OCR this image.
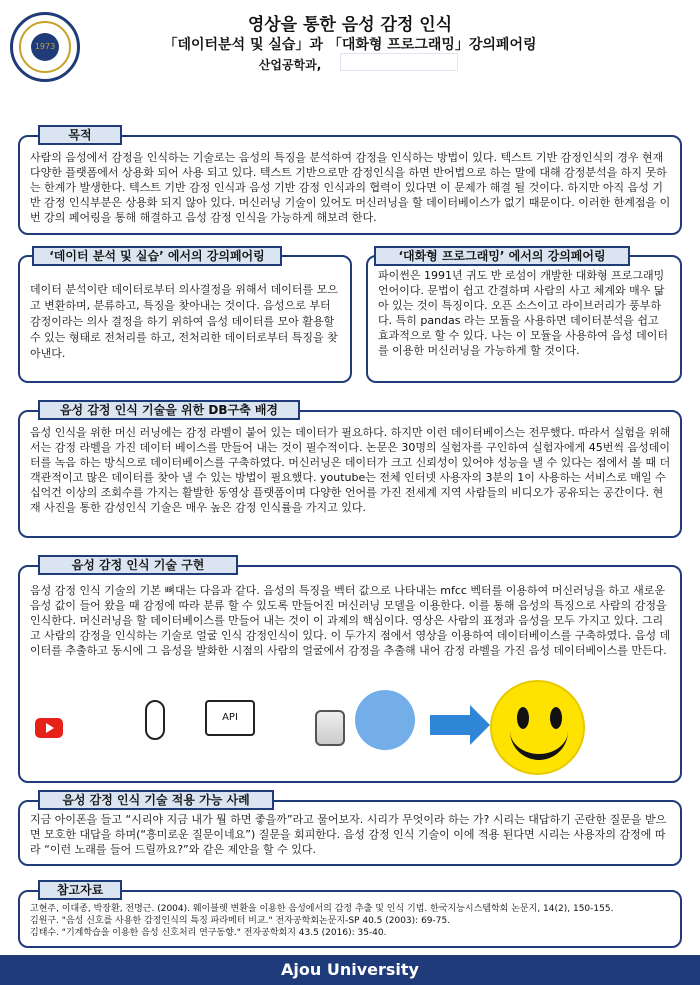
1973
영상을 통한 음성 감정 인식
「데이터분석 및 실습」과 「대화형 프로그래밍」강의페어링
산업공학과,
목적
사람의 음성에서 감정을 인식하는 기술로는 음성의 특징을 분석하여 감정을 인식하는 방법이 있다. 텍스트 기반 감정인식의 경우 현재 다양한 플랫폼에서 상용화 되어 사용 되고 있다. 텍스트 기반으로만 감정인식을 하면 반어법으로 하는 말에 대해 감정분석을 하지 못하는 한계가 발생한다. 텍스트 기반 감정 인식과 음성 기반 감정 인식과의 협력이 있다면 이 문제가 해결 될 것이다. 하지만 아직 음성 기반 감정 인식부분은 상용화 되지 않아 있다. 머신러닝 기술이 있어도 머신러닝을 할 데이터베이스가 없기 때문이다. 이러한 한계점을 이번 강의 페어링을 통해 해결하고 음성 감정 인식을 가능하게 해보려 한다.
‘데이터 분석 및 실습’ 에서의 강의페어링
데이터 분석이란 데이터로부터 의사결정을 위해서 데이터를 모으고 변환하며, 분류하고, 특징을 찾아내는 것이다. 음성으로 부터 감정이라는 의사 결정을 하기 위하여 음성 데이터를 모아 활용할 수 있는 형태로 전처리를 하고, 전처리한 데이터로부터 특징을 찾아낸다.
‘대화형 프로그래밍’ 에서의 강의페어링
파이썬은 1991년 귀도 반 로섬이 개발한 대화형 프로그래밍 언어이다. 문법이 쉽고 간결하며 사람의 사고 체계와 매우 닮아 있는 것이 특징이다. 오픈 소스이고 라이브러리가 풍부하다. 특히 pandas 라는 모듈을 사용하면 데이터분석을 쉽고 효과적으로 할 수 있다. 나는 이 모듈을 사용하여 음성 데이터를 이용한 머신러닝을 가능하게 할 것이다.
음성 감정 인식 기술을 위한 DB구축 배경
음성 인식을 위한 머신 러닝에는 감정 라벨이 붙어 있는 데이터가 필요하다. 하지만 이런 데이터베이스는 전무했다. 따라서 실험을 위해서는 감정 라벨을 가진 데이터 베이스를 만들어 내는 것이 필수적이다. 논문은 30명의 실험자를 구인하여 실험자에게 45번씩 음성데이터를 녹음 하는 방식으로 데이터베이스를 구축하였다. 머신러닝은 데이터가 크고 신뢰성이 있어야 성능을 낼 수 있다는 점에서 볼 때 더 객관적이고 많은 데이터를 찾아 낼 수 있는 방법이 필요했다. youtube는 전체 인터넷 사용자의 3분의 1이 사용하는 서비스로 매일 수 십억건 이상의 조회수를 가지는 활발한 동영상 플랫폼이며 다양한 언어를 가진 전세계 지역 사람들의 비디오가 공유되는 공간이다. 현재 사진을 통한 감성인식 기술은 매우 높은 감정 인식률을 가지고 있다.
음성 감정 인식 기술 구현
음성 감정 인식 기술의 기본 뼈대는 다음과 같다. 음성의 특징을 벡터 값으로 나타내는 mfcc 벡터를 이용하여 머신러닝을 하고 새로운 음성 값이 들어 왔을 때 감정에 따라 분류 할 수 있도록 만들어진 머신러닝 모델을 이용한다. 이를 통해 음성의 특징으로 사람의 감정을 인식한다. 머신러닝을 할 데이터베이스를 만들어 내는 것이 이 과제의 핵심이다. 영상은 사람의 표정과 음성을 모두 가지고 있다. 그리고 사람의 감정을 인식하는 기술로 얼굴 인식 감정인식이 있다. 이 두가지 점에서 영상을 이용하여 데이터베이스를 구축하였다. 음성 데이터를 추출하고 동시에 그 음성을 발화한 시점의 사람의 얼굴에서 감정을 추출해 내어 감정 라벨을 가진 음성 데이터베이스를 만든다.
API
음성 감정 인식 기술 적용 가능 사례
지금 아이폰을 들고 “시리야 지금 내가 뭘 하면 좋을까”라고 물어보자. 시리가 무엇이라 하는 가? 시리는 대답하기 곤란한 질문을 받으면 모호한 대답을 하며(“흥미로운 질문이네요”) 질문을 회피한다. 음성 감정 인식 기술이 이에 적용 된다면 시리는 사용자의 감정에 따라 “이런 노래를 들어 드릴까요?”와 같은 제안을 할 수 있다.
참고자료
고현주, 이대종, 박장환, 전명근. (2004). 웨이블렛 변환을 이용한 음성에서의 감정 추출 및 인식 기법. 한국지능시스템학회 논문지, 14(2), 150-155.
김원구. "음성 신호를 사용한 감정인식의 특징 파라메터 비교." 전자공학회논문지-SP 40.5 (2003): 69-75.
김태수. "기계학습을 이용한 음성 신호처리 연구동향." 전자공학회지 43.5 (2016): 35-40.
Ajou University
